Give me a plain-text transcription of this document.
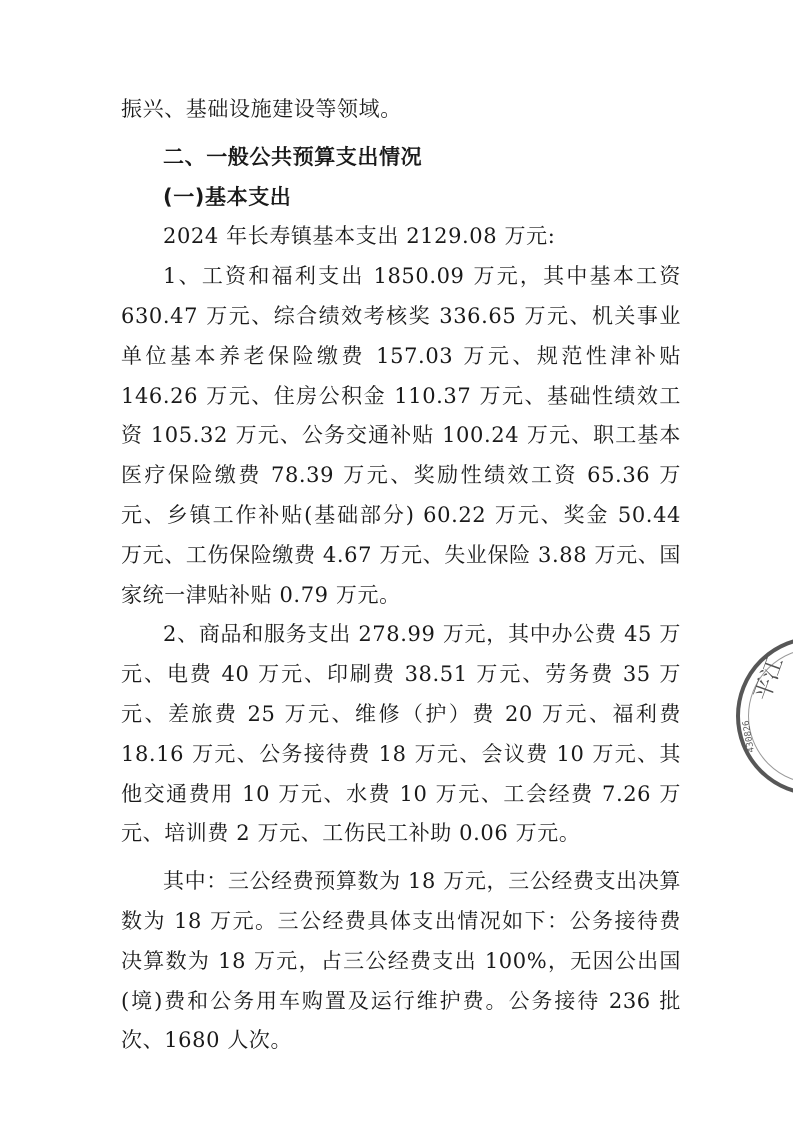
振兴、基础设施建设等领域。

二、一般公共预算支出情况

(一)基本支出

2024 年长寿镇基本支出 2129.08 万元:

1、工资和福利支出 1850.09 万元，其中基本工资 630.47 万元、综合绩效考核奖 336.65 万元、机关事业单位基本养老保险缴费 157.03 万元、规范性津补贴 146.26 万元、住房公积金 110.37 万元、基础性绩效工资 105.32 万元、公务交通补贴 100.24 万元、职工基本医疗保险缴费 78.39 万元、奖励性绩效工资 65.36 万元、乡镇工作补贴(基础部分) 60.22 万元、奖金 50.44 万元、工伤保险缴费 4.67 万元、失业保险 3.88 万元、国家统一津贴补贴 0.79 万元。

2、商品和服务支出 278.99 万元，其中办公费 45 万元、电费 40 万元、印刷费 38.51 万元、劳务费 35 万元、差旅费 25 万元、维修（护）费 20 万元、福利费 18.16 万元、公务接待费 18 万元、会议费 10 万元、其他交通费用 10 万元、水费 10 万元、工会经费 7.26 万元、培训费 2 万元、工伤民工补助 0.06 万元。

其中：三公经费预算数为 18 万元，三公经费支出决算数为 18 万元。三公经费具体支出情况如下：公务接待费决算数为 18 万元，占三公经费支出 100%，无因公出国(境)费和公务用车购置及运行维护费。公务接待 236 批次、1680 人次。

平江
430826
